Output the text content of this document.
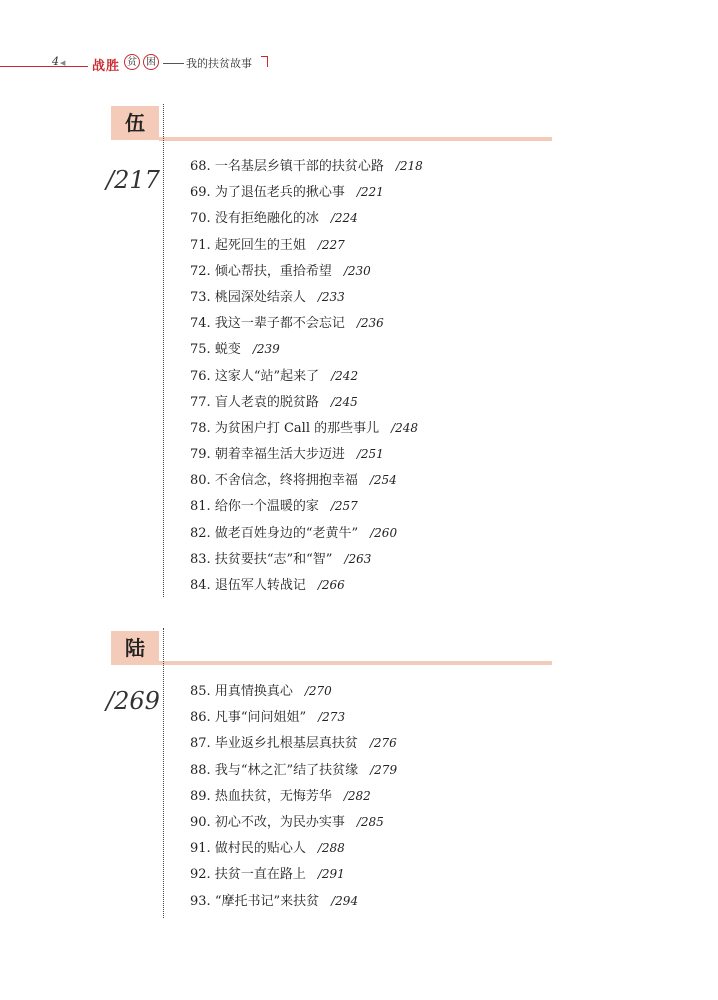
4◀ 战胜 贫 困	我的扶贫故事
伍
/217 68. 一名基层乡镇干部的扶贫心路 /218
69. 为了退伍老兵的揪心事 /221
70. 没有拒绝融化的冰 /224
71. 起死回生的王姐 /227
72. 倾心帮扶，重拾希望 /230
73. 桃园深处结亲人 /233
74. 我这一辈子都不会忘记 /236
75. 蜕变 /239
76. 这家人“站”起来了 /242
77. 盲人老袁的脱贫路 /245
78. 为贫困户打 Call 的那些事儿 /248
79. 朝着幸福生活大步迈进 /251
80. 不舍信念，终将拥抱幸福 /254
81. 给你一个温暖的家 /257
82. 做老百姓身边的“老黄牛” /260
83. 扶贫要扶“志”和“智” /263
84. 退伍军人转战记 /266
陆
/269 85. 用真情换真心 /270
86. 凡事“问问姐姐” /273
87. 毕业返乡扎根基层真扶贫 /276
88. 我与“林之汇”结了扶贫缘 /279
89. 热血扶贫，无悔芳华 /282
90. 初心不改，为民办实事 /285
91. 做村民的贴心人 /288
92. 扶贫一直在路上 /291
93. “摩托书记”来扶贫 /294
